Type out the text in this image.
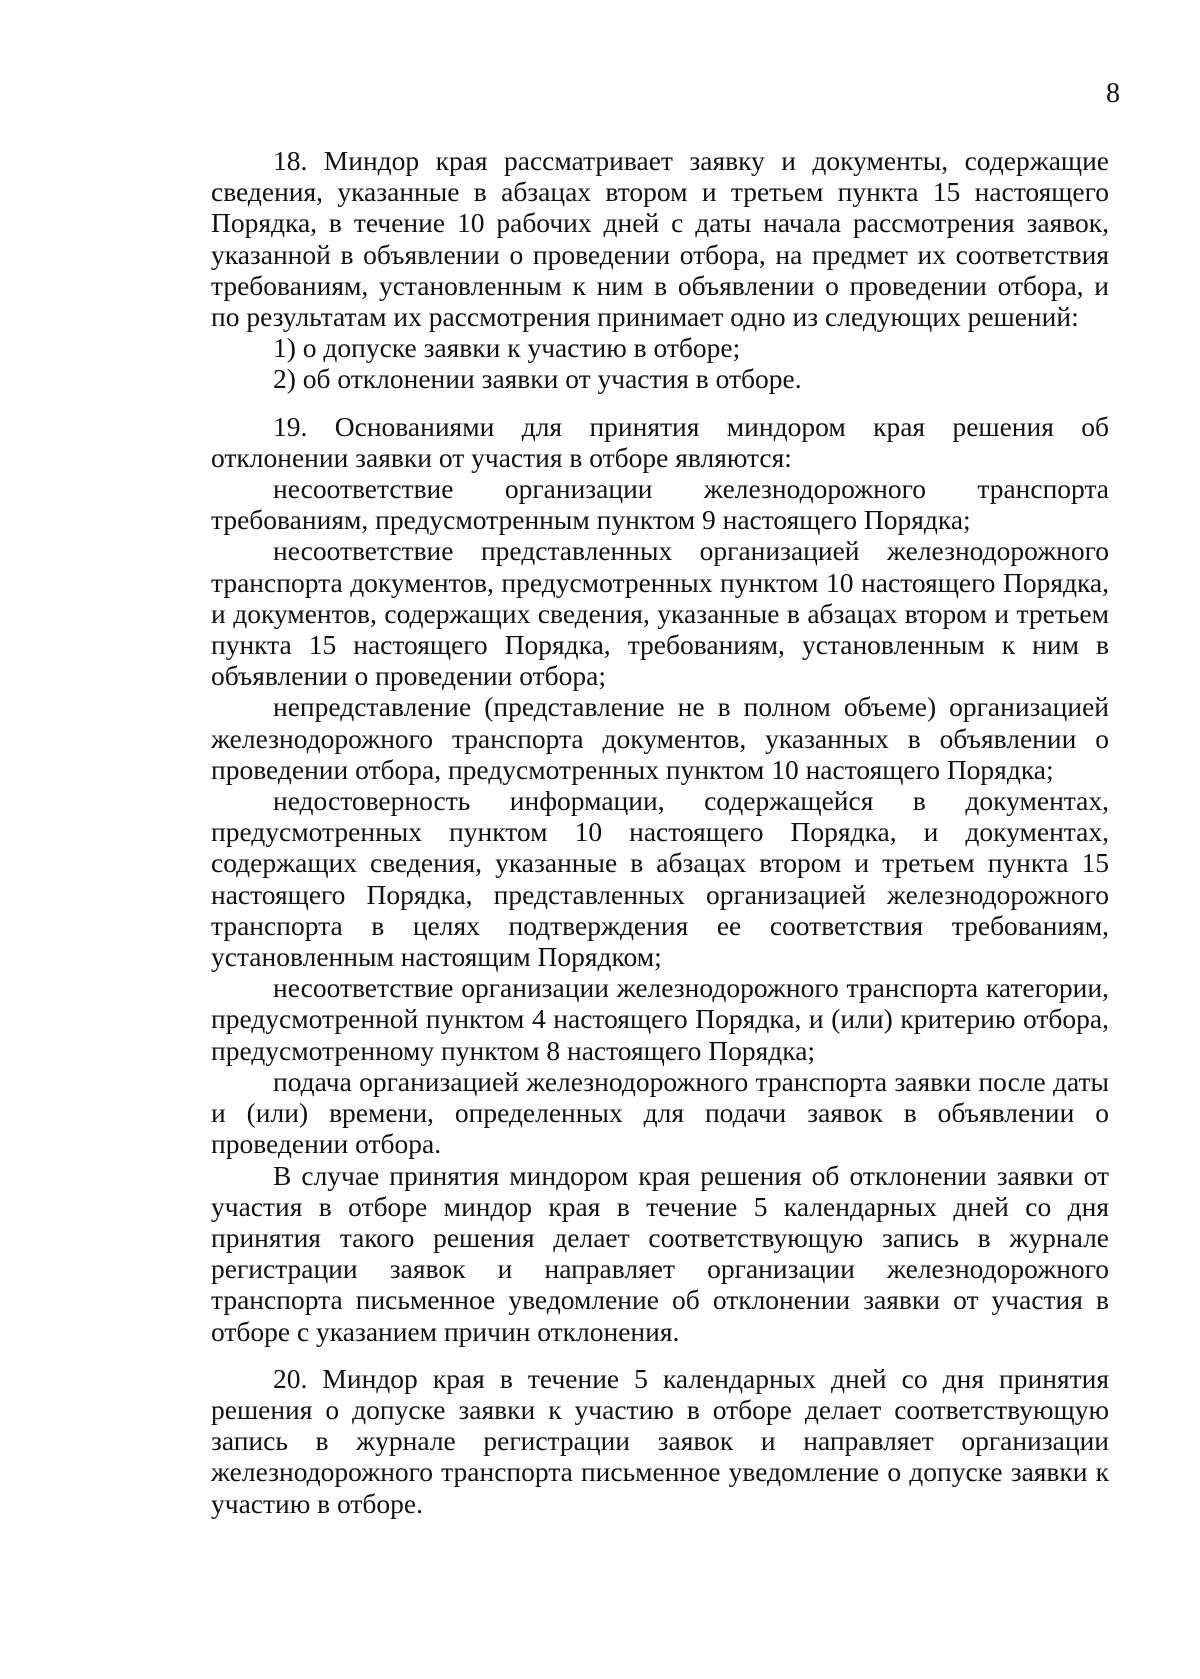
8

18. Миндор края рассматривает заявку и документы, содержащие сведения, указанные в абзацах втором и третьем пункта 15 настоящего Порядка, в течение 10 рабочих дней с даты начала рассмотрения заявок, указанной в объявлении о проведении отбора, на предмет их соответствия требованиям, установленным к ним в объявлении о проведении отбора, и по результатам их рассмотрения принимает одно из следующих решений:

1) о допуске заявки к участию в отборе;

2) об отклонении заявки от участия в отборе.

19. Основаниями для принятия миндором края решения об отклонении заявки от участия в отборе являются:

несоответствие организации железнодорожного транспорта требованиям, предусмотренным пунктом 9 настоящего Порядка;

несоответствие представленных организацией железнодорожного транспорта документов, предусмотренных пунктом 10 настоящего Порядка, и документов, содержащих сведения, указанные в абзацах втором и третьем пункта 15 настоящего Порядка, требованиям, установленным к ним в объявлении о проведении отбора;

непредставление (представление не в полном объеме) организацией железнодорожного транспорта документов, указанных в объявлении о проведении отбора, предусмотренных пунктом 10 настоящего Порядка;

недостоверность информации, содержащейся в документах, предусмотренных пунктом 10 настоящего Порядка, и документах, содержащих сведения, указанные в абзацах втором и третьем пункта 15 настоящего Порядка, представленных организацией железнодорожного транспорта в целях подтверждения ее соответствия требованиям, установленным настоящим Порядком;

несоответствие организации железнодорожного транспорта категории, предусмотренной пунктом 4 настоящего Порядка, и (или) критерию отбора, предусмотренному пунктом 8 настоящего Порядка;

подача организацией железнодорожного транспорта заявки после даты и (или) времени, определенных для подачи заявок в объявлении о проведении отбора.

В случае принятия миндором края решения об отклонении заявки от участия в отборе миндор края в течение 5 календарных дней со дня принятия такого решения делает соответствующую запись в журнале регистрации заявок и направляет организации железнодорожного транспорта письменное уведомление об отклонении заявки от участия в отборе с указанием причин отклонения.

20. Миндор края в течение 5 календарных дней со дня принятия решения о допуске заявки к участию в отборе делает соответствующую запись в журнале регистрации заявок и направляет организации железнодорожного транспорта письменное уведомление о допуске заявки к участию в отборе.
